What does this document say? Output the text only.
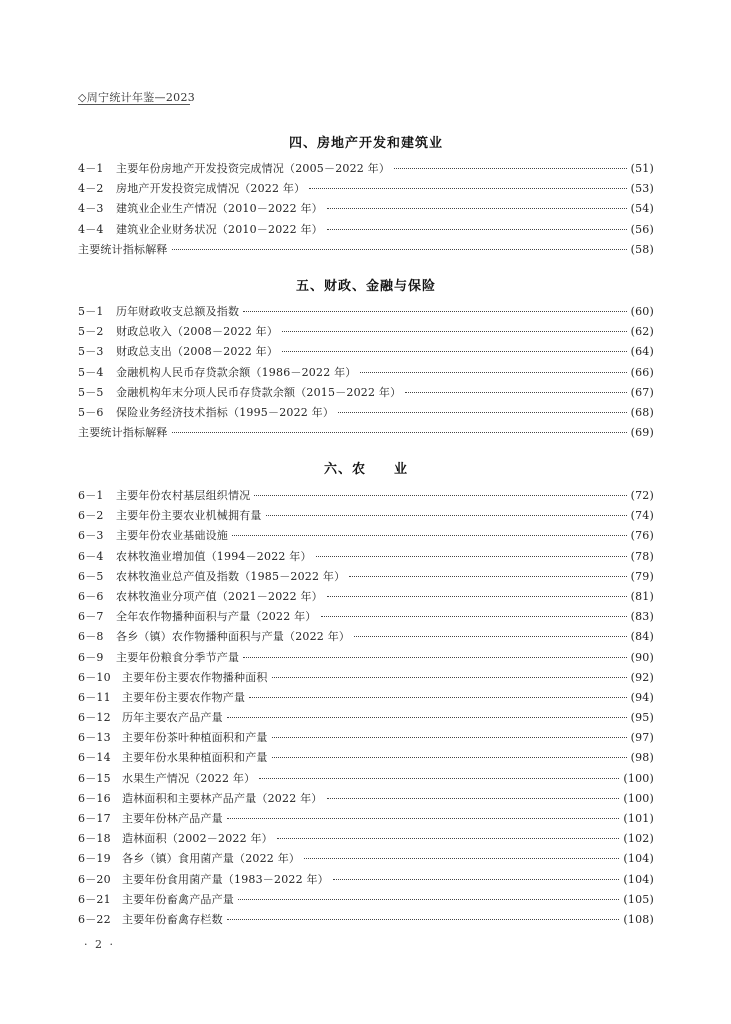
◇周宁统计年鉴—2023
四、房地产开发和建筑业
4－1	主要年份房地产开发投资完成情况（2005－2022 年）	(51)
4－2	房地产开发投资完成情况（2022 年）	(53)
4－3	建筑业企业生产情况（2010－2022 年）	(54)
4－4	建筑业企业财务状况（2010－2022 年）	(56)
主要统计指标解释	(58)
五、财政、金融与保险
5－1	历年财政收支总额及指数	(60)
5－2	财政总收入（2008－2022 年）	(62)
5－3	财政总支出（2008－2022 年）	(64)
5－4	金融机构人民币存贷款余额（1986－2022 年）	(66)
5－5	金融机构年末分项人民币存贷款余额（2015－2022 年）	(67)
5－6	保险业务经济技术指标（1995－2022 年）	(68)
主要统计指标解释	(69)
六、农　　业
6－1	主要年份农村基层组织情况	(72)
6－2	主要年份主要农业机械拥有量	(74)
6－3	主要年份农业基础设施	(76)
6－4	农林牧渔业增加值（1994－2022 年）	(78)
6－5	农林牧渔业总产值及指数（1985－2022 年）	(79)
6－6	农林牧渔业分项产值（2021－2022 年）	(81)
6－7	全年农作物播种面积与产量（2022 年）	(83)
6－8	各乡（镇）农作物播种面积与产量（2022 年）	(84)
6－9	主要年份粮食分季节产量	(90)
6－10	主要年份主要农作物播种面积	(92)
6－11	主要年份主要农作物产量	(94)
6－12	历年主要农产品产量	(95)
6－13	主要年份茶叶种植面积和产量	(97)
6－14	主要年份水果种植面积和产量	(98)
6－15	水果生产情况（2022 年）	(100)
6－16	造林面积和主要林产品产量（2022 年）	(100)
6－17	主要年份林产品产量	(101)
6－18	造林面积（2002－2022 年）	(102)
6－19	各乡（镇）食用菌产量（2022 年）	(104)
6－20	主要年份食用菌产量（1983－2022 年）	(104)
6－21	主要年份畜禽产品产量	(105)
6－22	主要年份畜禽存栏数	(108)
· 2 ·
